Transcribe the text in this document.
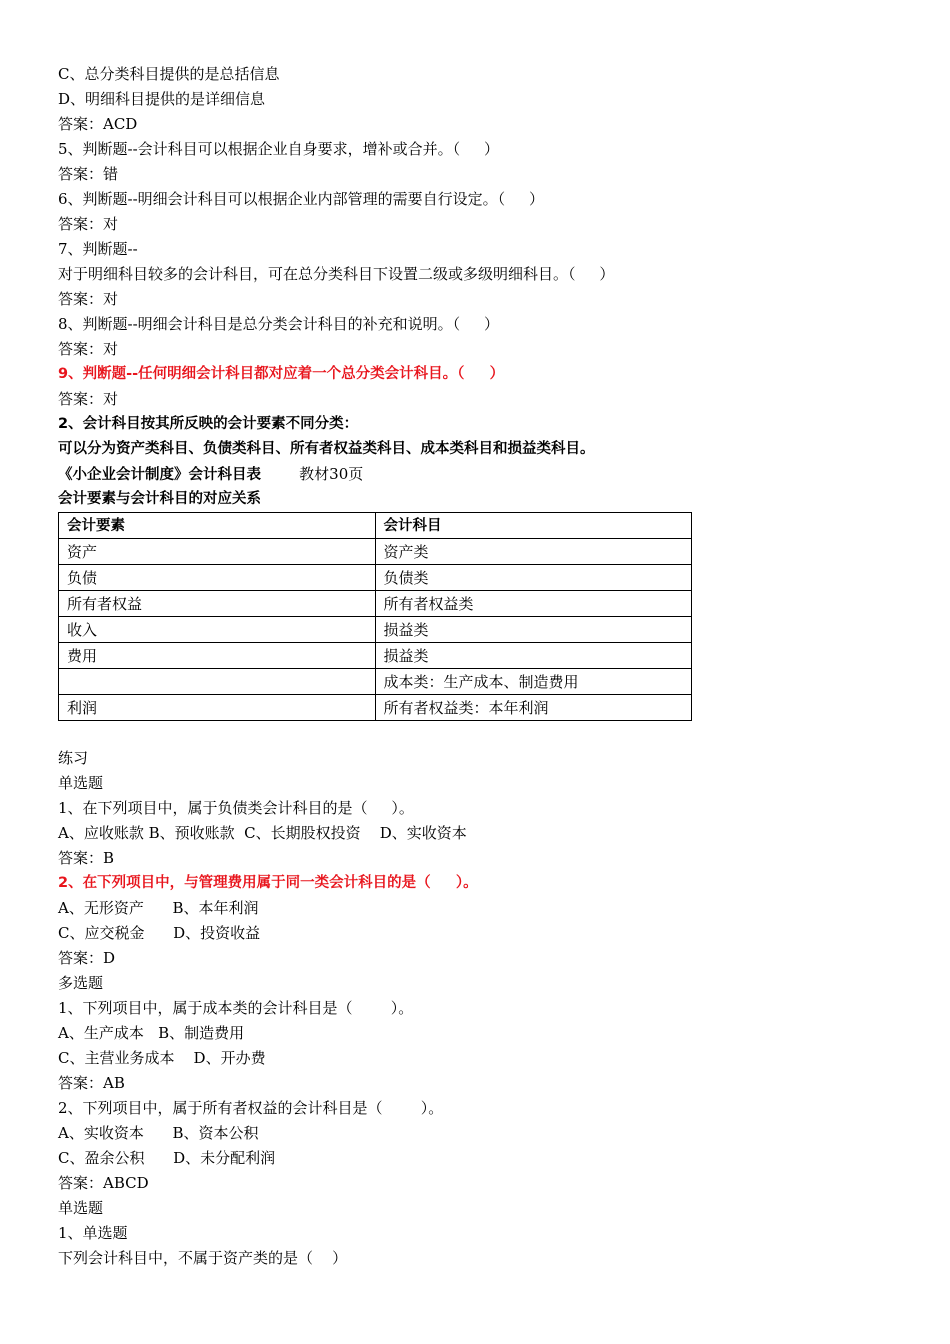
C、总分类科目提供的是总括信息
D、明细科目提供的是详细信息
答案：ACD
5、判断题--会计科目可以根据企业自身要求，增补或合并。（     ）
答案：错
6、判断题--明细会计科目可以根据企业内部管理的需要自行设定。（     ）
答案：对
7、判断题--
对于明细科目较多的会计科目，可在总分类科目下设置二级或多级明细科目。（     ）
答案：对
8、判断题--明细会计科目是总分类会计科目的补充和说明。（     ）
答案：对
9、判断题--任何明细会计科目都对应着一个总分类会计科目。（     ）
答案：对
2、会计科目按其所反映的会计要素不同分类：
可以分为资产类科目、负债类科目、所有者权益类科目、成本类科目和损益类科目。
《小企业会计制度》会计科目表        教材30页
会计要素与会计科目的对应关系
会计要素	会计科目
资产	资产类
负债	负债类
所有者权益	所有者权益类
收入	损益类
费用	损益类
	成本类：生产成本、制造费用
利润	所有者权益类：本年利润
练习
单选题
1、在下列项目中，属于负债类会计科目的是（     ）。
A、应收账款 B、预收账款  C、长期股权投资    D、实收资本
答案：B
2、在下列项目中，与管理费用属于同一类会计科目的是（     ）。
A、无形资产      B、本年利润
C、应交税金      D、投资收益
答案：D
多选题
1、下列项目中，属于成本类的会计科目是（        ）。
A、生产成本   B、制造费用
C、主营业务成本    D、开办费
答案：AB
2、下列项目中，属于所有者权益的会计科目是（        ）。
A、实收资本      B、资本公积
C、盈余公积      D、未分配利润
答案：ABCD
单选题
1、单选题
下列会计科目中，不属于资产类的是（    ）
